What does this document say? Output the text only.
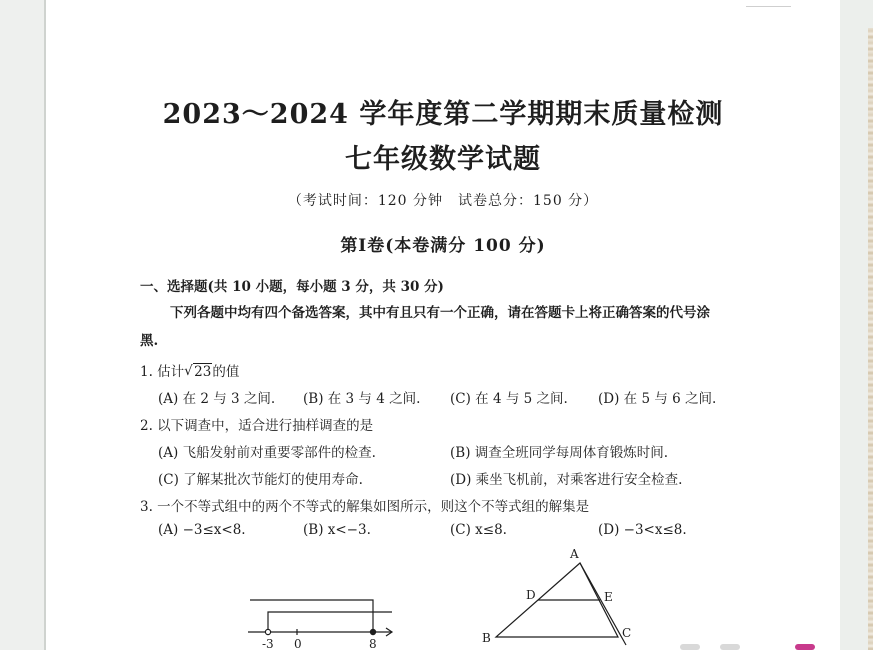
2023～2024 学年度第二学期期末质量检测
七年级数学试题
（考试时间：120 分钟　试卷总分：150 分）
第Ⅰ卷(本卷满分 100 分)
一、选择题(共 10 小题，每小题 3 分，共 30 分)
下列各题中均有四个备选答案，其中有且只有一个正确，请在答题卡上将正确答案的代号涂
黑.
1. 估计 √ 23的值
(A) 在 2 与 3 之间. (B) 在 3 与 4 之间. (C) 在 4 与 5 之间. (D) 在 5 与 6 之间.
2. 以下调查中，适合进行抽样调查的是
(A) 飞船发射前对重要零部件的检查.	(B) 调查全班同学每周体育锻炼时间.
(C) 了解某批次节能灯的使用寿命.	(D) 乘坐飞机前，对乘客进行安全检查.
3. 一个不等式组中的两个不等式的解集如图所示，则这个不等式组的解集是
(A) −3≤x<8.	(B) x<−3.	(C) x≤8.	(D) −3<x≤8.
-3 0	8
A
D	E
B	C
